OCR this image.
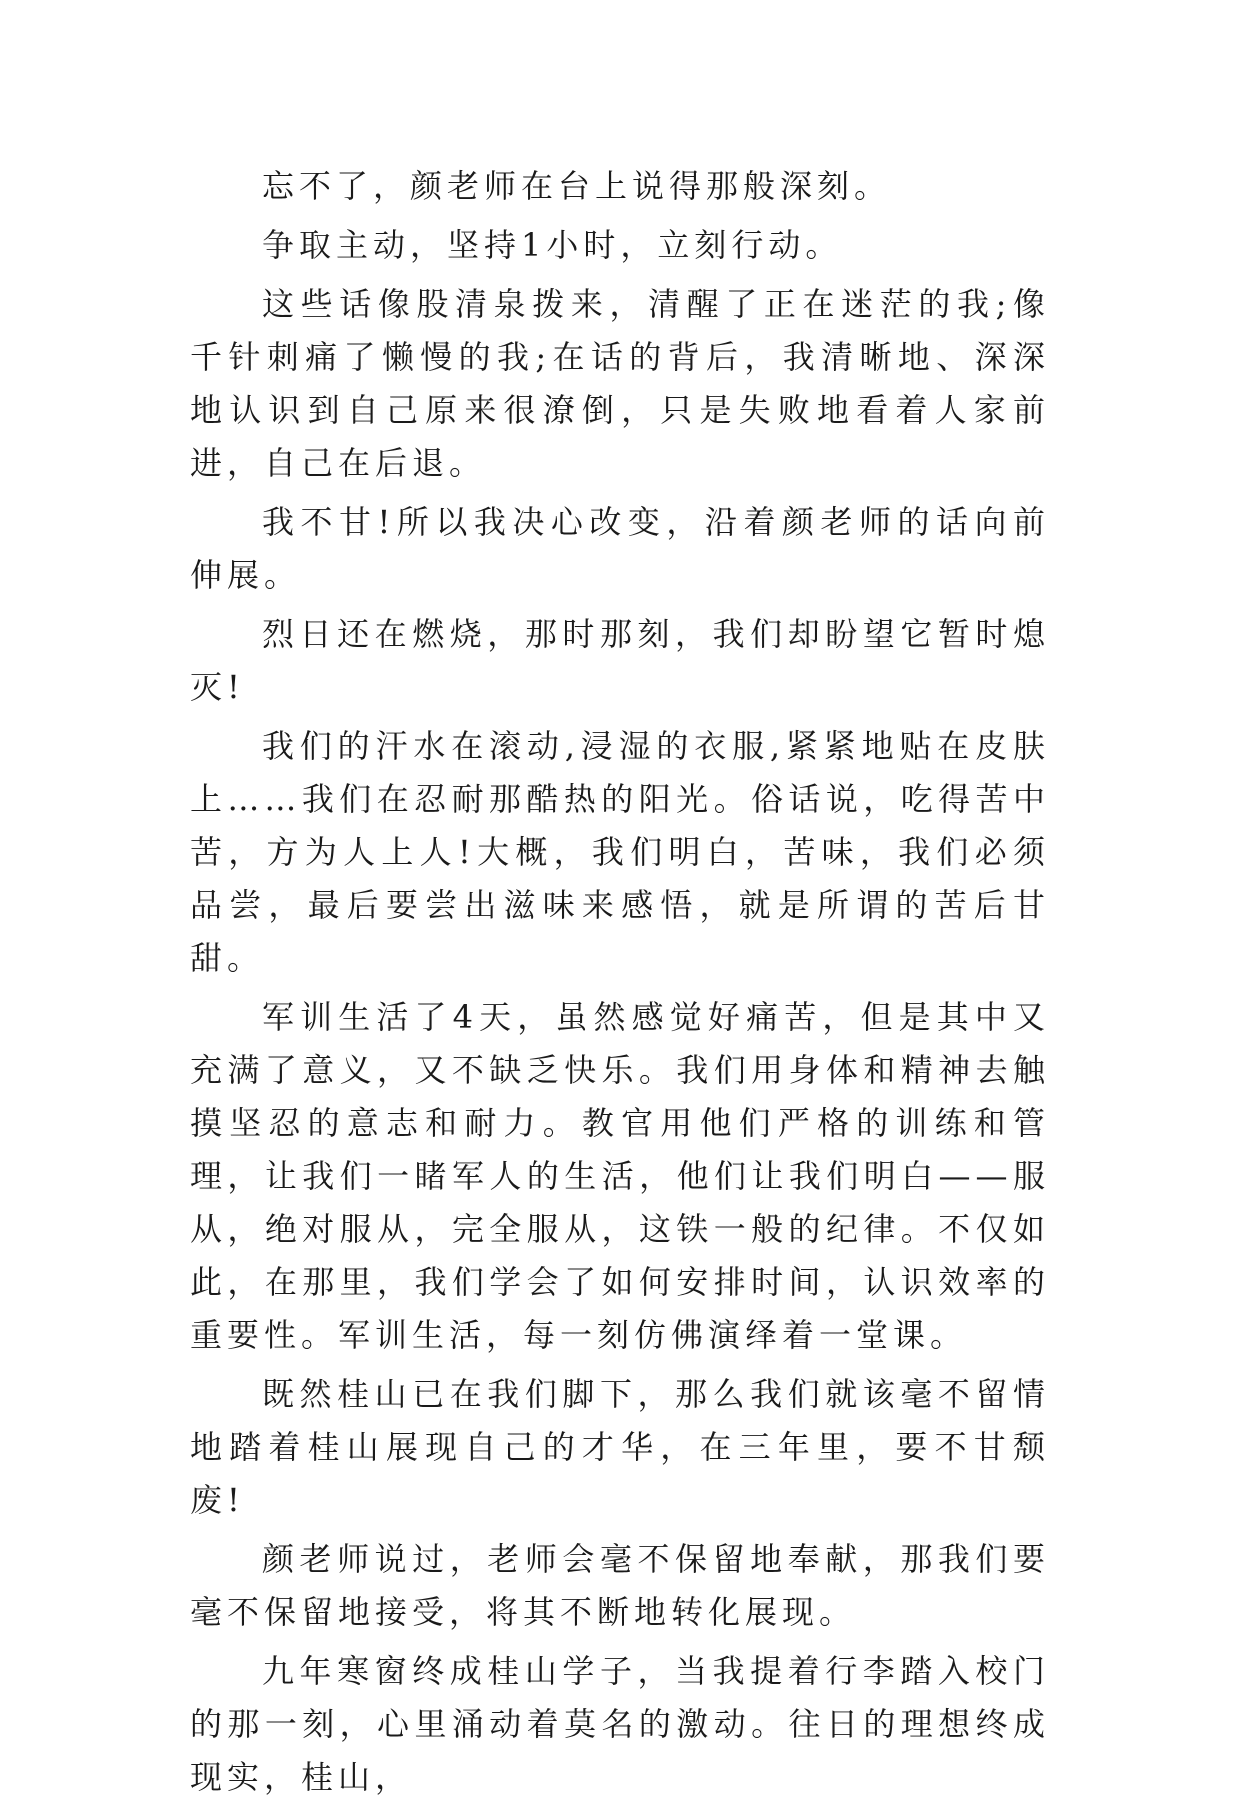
忘不了，颜老师在台上说得那般深刻。

争取主动，坚持1小时，立刻行动。

这些话像股清泉拨来，清醒了正在迷茫的我;像千针刺痛了懒慢的我;在话的背后，我清晰地、深深地认识到自己原来很潦倒，只是失败地看着人家前进，自己在后退。

我不甘!所以我决心改变，沿着颜老师的话向前伸展。

烈日还在燃烧，那时那刻，我们却盼望它暂时熄灭!

我们的汗水在滚动,浸湿的衣服,紧紧地贴在皮肤上……我们在忍耐那酷热的阳光。俗话说，吃得苦中苦，方为人上人!大概，我们明白，苦味，我们必须品尝，最后要尝出滋味来感悟，就是所谓的苦后甘甜。

军训生活了4天，虽然感觉好痛苦，但是其中又充满了意义，又不缺乏快乐。我们用身体和精神去触摸坚忍的意志和耐力。教官用他们严格的训练和管理，让我们一睹军人的生活，他们让我们明白——服从，绝对服从，完全服从，这铁一般的纪律。不仅如此，在那里，我们学会了如何安排时间，认识效率的重要性。军训生活，每一刻仿佛演绎着一堂课。

既然桂山已在我们脚下，那么我们就该毫不留情地踏着桂山展现自己的才华，在三年里，要不甘颓废!

颜老师说过，老师会毫不保留地奉献，那我们要毫不保留地接受，将其不断地转化展现。

九年寒窗终成桂山学子，当我提着行李踏入校门的那一刻，心里涌动着莫名的激动。往日的理想终成现实，桂山，
